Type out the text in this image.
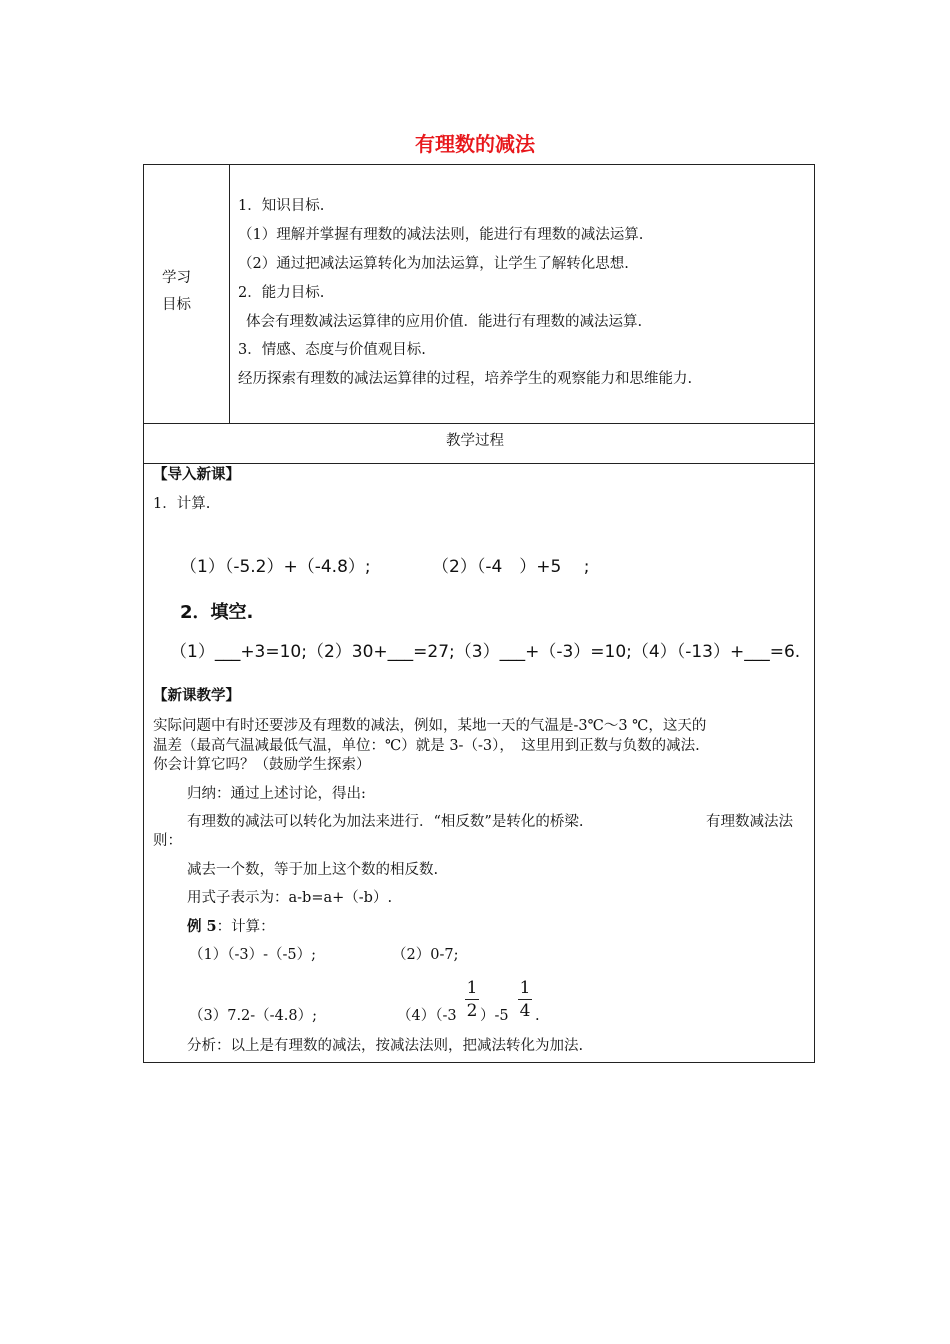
有理数的减法
学习
目标
1．知识目标.
（1）理解并掌握有理数的减法法则，能进行有理数的减法运算.
（2）通过把减法运算转化为加法运算，让学生了解转化思想.
2．能力目标.
体会有理数减法运算律的应用价值．能进行有理数的减法运算.
3．情感、态度与价值观目标.
经历探索有理数的减法运算律的过程，培养学生的观察能力和思维能力.
教学过程
【导入新课】
1．计算.
（1）（-5.2）+（-4.8）;	（2）（-4　）+5　 ;
2．填空.
（1）___+3=10;（2）30+___=27;（3）___+（-3）=10;（4）（-13）+___=6.
【新课教学】
实际问题中有时还要涉及有理数的减法，例如，某地一天的气温是-3℃～3 ℃，这天的
温差（最高气温减最低气温，单位：℃）就是 3-（-3），　这里用到正数与负数的减法.
你会计算它吗？（鼓励学生探索）
归纳：通过上述讨论，得出:
有理数的减法可以转化为加法来进行．“相反数”是转化的桥梁.	有理数减法法
则：
减去一个数，等于加上这个数的相反数.
用式子表示为：a-b=a+（-b）.
例 5：计算：
（1）（-3）-（-5）;	（2）0-7;
（3）7.2-（-4.8）;	（4）（-3
1
2 ）-5
1
4 .
分析：以上是有理数的减法，按减法法则，把减法转化为加法.
